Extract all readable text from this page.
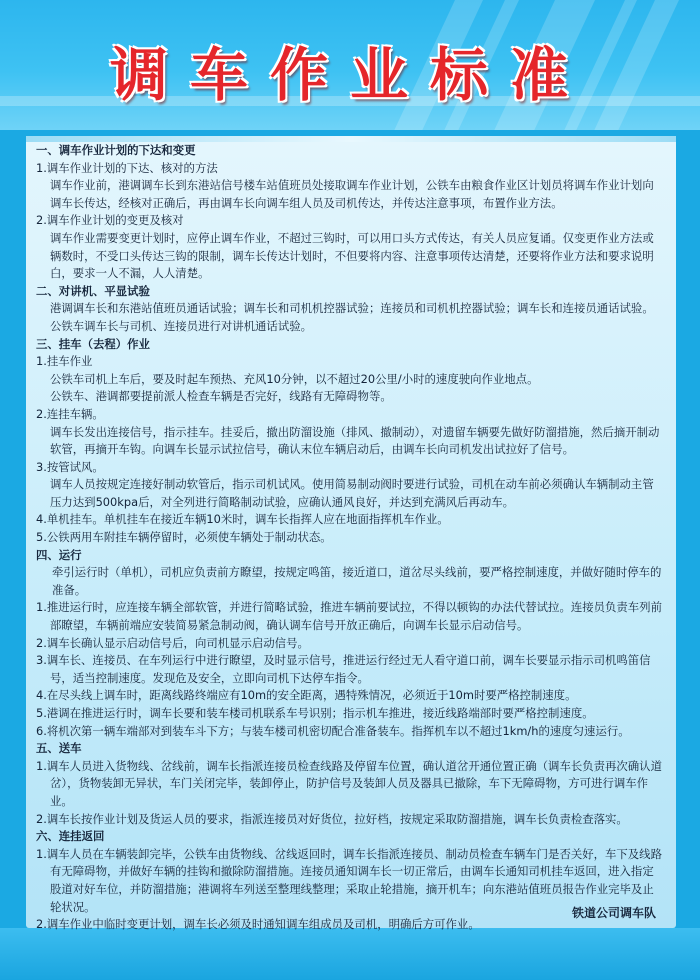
调车作业标准

一、调车作业计划的下达和变更

1.调车作业计划的下达、核对的方法

调车作业前，港调调车长到东港站信号楼车站值班员处接取调车作业计划，公铁车由粮食作业区计划员将调车作业计划向调车长传达，经核对正确后，再由调车长向调车组人员及司机传达，并传达注意事项，布置作业方法。

2.调车作业计划的变更及核对

调车作业需要变更计划时，应停止调车作业，不超过三钩时，可以用口头方式传达，有关人员应复诵。仅变更作业方法或辆数时，不受口头传达三钩的限制，调车长传达计划时，不但要将内容、注意事项传达清楚，还要将作业方法和要求说明白，要求一人不漏，人人清楚。

二、对讲机、平显试验

港调调车长和东港站值班员通话试验；调车长和司机机控器试验；连接员和司机机控器试验；调车长和连接员通话试验。公铁车调车长与司机、连接员进行对讲机通话试验。

三、挂车（去程）作业

1.挂车作业

公铁车司机上车后，要及时起车预热、充风10分钟，以不超过20公里/小时的速度驶向作业地点。

公铁车、港调都要提前派人检查车辆是否完好，线路有无障碍物等。

2.连挂车辆。

调车长发出连接信号，指示挂车。挂妥后，撤出防溜设施（排风、撤制动），对遗留车辆要先做好防溜措施，然后摘开制动软管，再摘开车钩。向调车长显示试拉信号，确认末位车辆启动后，由调车长向司机发出试拉好了信号。

3.按管试风。

调车人员按规定连接好制动软管后，指示司机试风。使用简易制动阀时要进行试验，司机在动车前必须确认车辆制动主管压力达到500kpa后，对全列进行简略制动试验，应确认通风良好，并达到充满风后再动车。

4.单机挂车。单机挂车在接近车辆10米时，调车长指挥人应在地面指挥机车作业。

5.公铁两用车附挂车辆停留时，必须使车辆处于制动状态。

四、运行

牵引运行时（单机），司机应负责前方瞭望，按规定鸣笛，接近道口，道岔尽头线前，要严格控制速度，并做好随时停车的准备。

1.推进运行时，应连接车辆全部软管，并进行简略试验，推进车辆前要试拉，不得以顿钩的办法代替试拉。连接员负责车列前部瞭望，车辆前端应安装简易紧急制动阀，确认调车信号开放正确后，向调车长显示启动信号。

2.调车长确认显示启动信号后，向司机显示启动信号。

3.调车长、连接员、在车列运行中进行瞭望，及时显示信号，推进运行经过无人看守道口前，调车长要显示指示司机鸣笛信号，适当控制速度。发现危及安全，立即向司机下达停车指令。

4.在尽头线上调车时，距离线路终端应有10m的安全距离，遇特殊情况，必须近于10m时要严格控制速度。

5.港调在推进运行时，调车长要和装车楼司机联系车号识别；指示机车推进，接近线路端部时要严格控制速度。

6.将机次第一辆车端部对到装车斗下方；与装车楼司机密切配合准备装车。指挥机车以不超过1km/h的速度匀速运行。

五、送车

1.调车人员进入货物线、岔线前，调车长指派连接员检查线路及停留车位置，确认道岔开通位置正确（调车长负责再次确认道岔），货物装卸无异状，车门关闭完毕，装卸停止，防护信号及装卸人员及器具已撤除，车下无障碍物，方可进行调车作业。

2.调车长按作业计划及货运人员的要求，指派连接员对好货位，拉好档，按规定采取防溜措施，调车长负责检查落实。

六、连挂返回

1.调车人员在车辆装卸完毕，公铁车由货物线、岔线返回时，调车长指派连接员、制动员检查车辆车门是否关好，车下及线路有无障碍物，并做好车辆的挂钩和撤除防溜措施。连接员通知调车长一切正常后，由调车长通知司机挂车返回，进入指定股道对好车位，并防溜措施；港调将车列送至整理线整理；采取止轮措施，摘开机车；向东港站值班员报告作业完毕及止轮状况。

2.调车作业中临时变更计划，调车长必须及时通知调车组成员及司机，明确后方可作业。

铁道公司调车队
